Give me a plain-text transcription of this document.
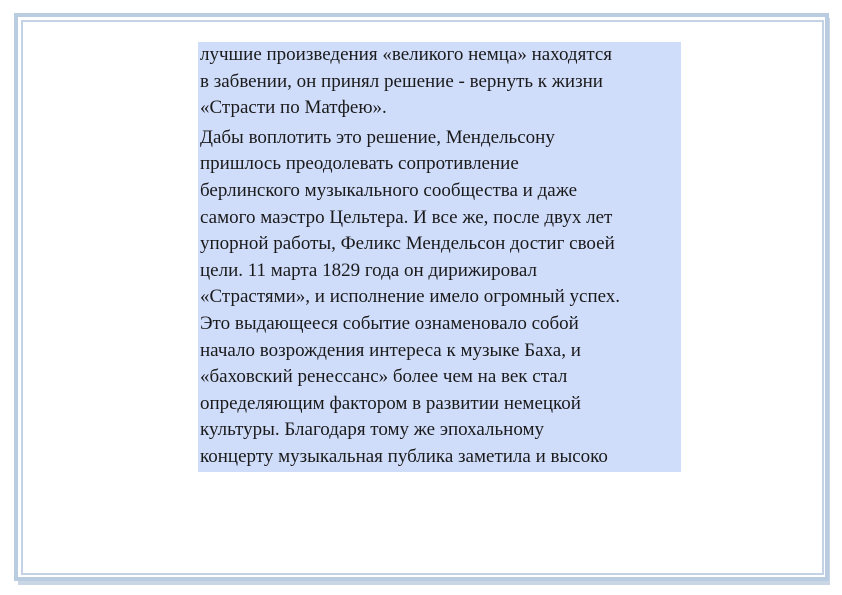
лучшие произведения «великого немца» находятся
в забвении, он принял решение - вернуть к жизни
«Страсти по Матфею».

Дабы воплотить это решение, Мендельсону
пришлось преодолевать сопротивление
берлинского музыкального сообщества и даже
самого маэстро Цельтера. И все же, после двух лет
упорной работы, Феликс Мендельсон достиг своей
цели. 11 марта 1829 года он дирижировал
«Страстями», и исполнение имело огромный успех.
Это выдающееся событие ознаменовало собой
начало возрождения интереса к музыке Баха, и
«баховский ренессанс» более чем на век стал
определяющим фактором в развитии немецкой
культуры. Благодаря тому же эпохальному
концерту музыкальная публика заметила и высоко
